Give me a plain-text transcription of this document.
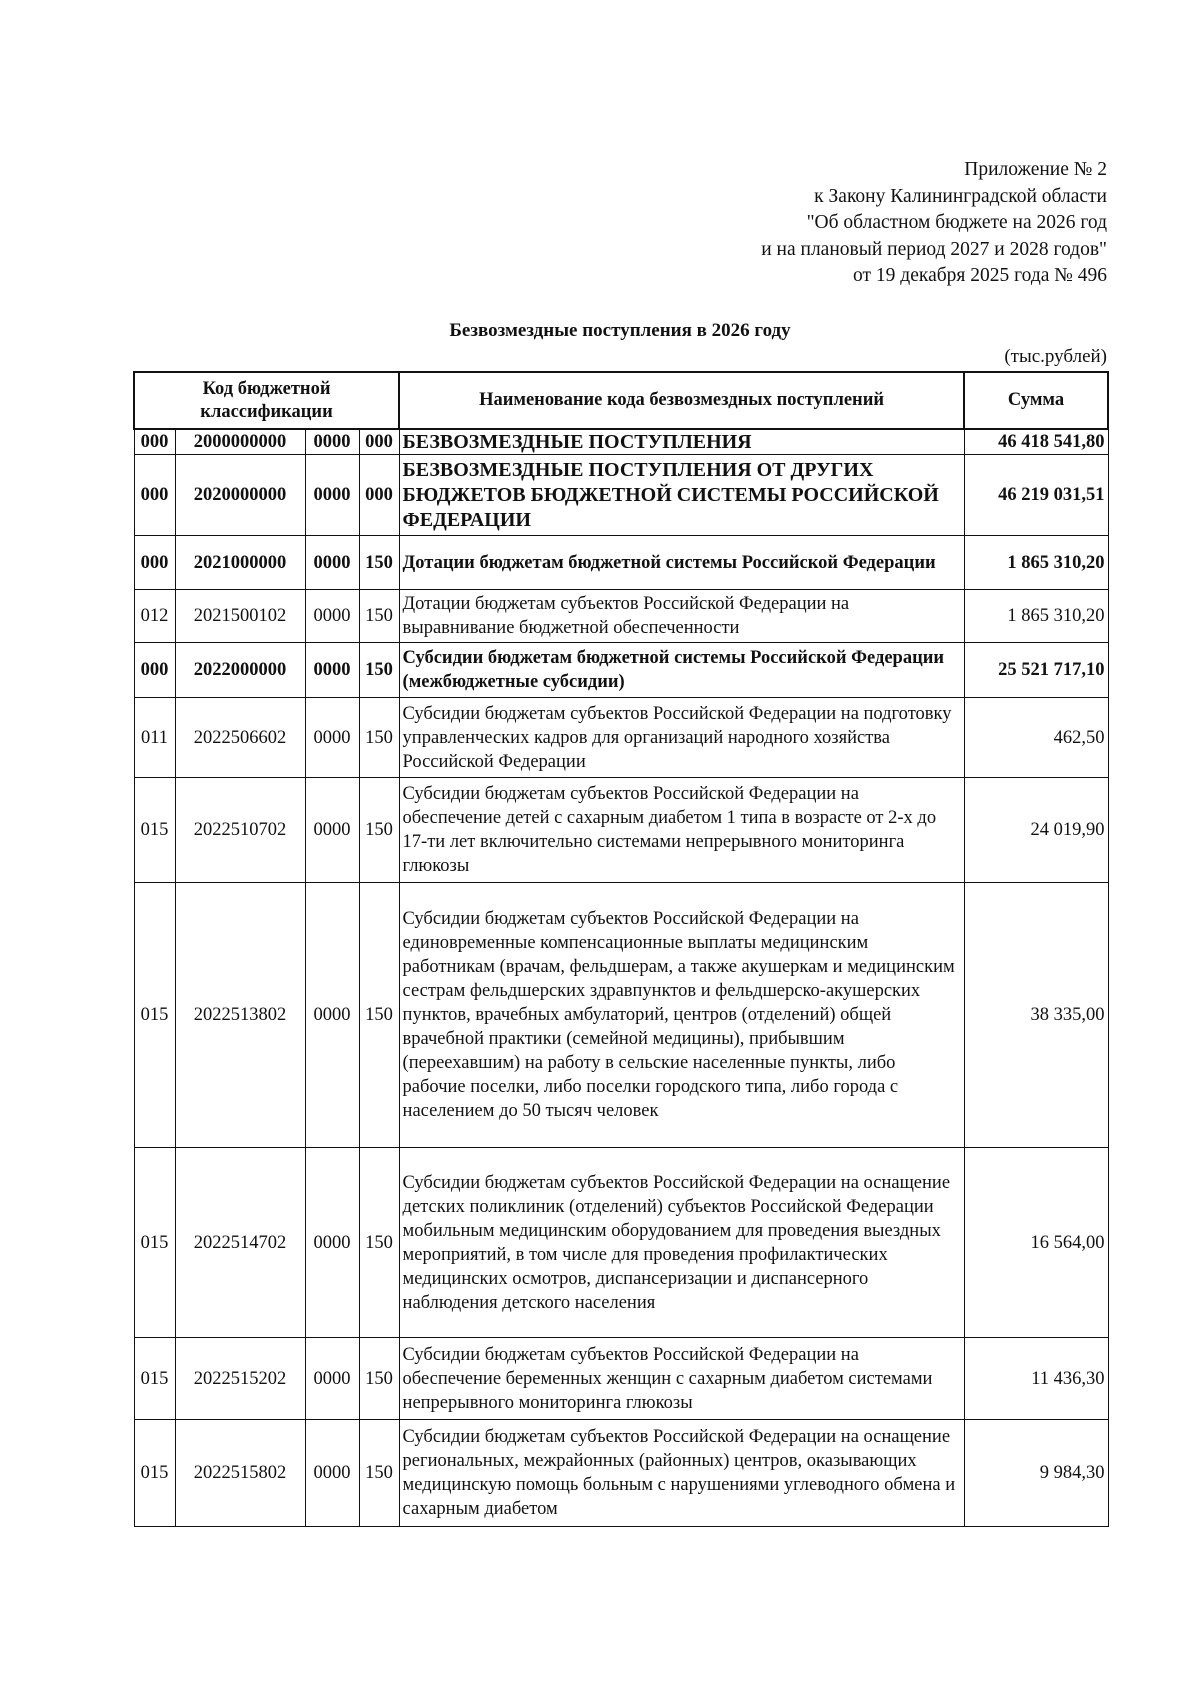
Приложение № 2
к Закону Калининградской области
"Об областном бюджете на 2026 год
и на плановый период 2027 и 2028 годов"
от 19 декабря 2025 года № 496
Безвозмездные поступления в 2026 году
(тыс.рублей)
Код бюджетной классификации				Наименование кода безвозмездных поступлений	Сумма
000	2000000000	0000	000	БЕЗВОЗМЕЗДНЫЕ ПОСТУПЛЕНИЯ	46 418 541,80
000	2020000000	0000	000	БЕЗВОЗМЕЗДНЫЕ ПОСТУПЛЕНИЯ ОТ ДРУГИХ БЮДЖЕТОВ БЮДЖЕТНОЙ СИСТЕМЫ РОССИЙСКОЙ ФЕДЕРАЦИИ	46 219 031,51
000	2021000000	0000	150	Дотации бюджетам бюджетной системы Российской Федерации	1 865 310,20
012	2021500102	0000	150	Дотации бюджетам субъектов Российской Федерации на выравнивание бюджетной обеспеченности	1 865 310,20
000	2022000000	0000	150	Субсидии бюджетам бюджетной системы Российской Федерации (межбюджетные субсидии)	25 521 717,10
011	2022506602	0000	150	Субсидии бюджетам субъектов Российской Федерации на подготовку управленческих кадров для организаций народного хозяйства Российской Федерации	462,50
015	2022510702	0000	150	Субсидии бюджетам субъектов Российской Федерации на обеспечение детей с сахарным диабетом 1 типа в возрасте от 2-х до 17-ти лет включительно системами непрерывного мониторинга глюкозы	24 019,90
015	2022513802	0000	150	Субсидии бюджетам субъектов Российской Федерации на единовременные компенсационные выплаты медицинским работникам (врачам, фельдшерам, а также акушеркам и медицинским сестрам фельдшерских здравпунктов и фельдшерско-акушерских пунктов, врачебных амбулаторий, центров (отделений) общей врачебной практики (семейной медицины), прибывшим (переехавшим) на работу в сельские населенные пункты, либо рабочие поселки, либо поселки городского типа, либо города с населением до 50 тысяч человек	38 335,00
015	2022514702	0000	150	Субсидии бюджетам субъектов Российской Федерации на оснащение детских поликлиник (отделений) субъектов Российской Федерации мобильным медицинским оборудованием для проведения выездных мероприятий, в том числе для проведения профилактических медицинских осмотров, диспансеризации и диспансерного наблюдения детского населения	16 564,00
015	2022515202	0000	150	Субсидии бюджетам субъектов Российской Федерации на обеспечение беременных женщин с сахарным диабетом системами непрерывного мониторинга глюкозы	11 436,30
015	2022515802	0000	150	Субсидии бюджетам субъектов Российской Федерации на оснащение региональных, межрайонных (районных) центров, оказывающих медицинскую помощь больным с нарушениями углеводного обмена и сахарным диабетом	9 984,30
